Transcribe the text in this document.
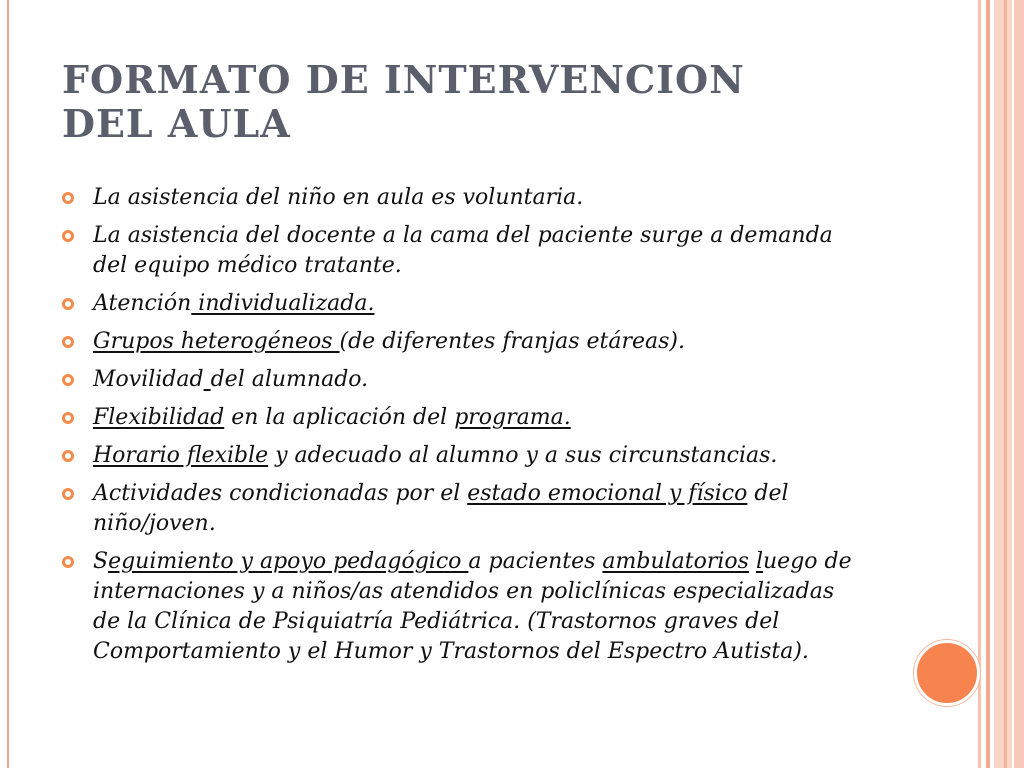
FORMATO DE INTERVENCION
DEL AULA
La asistencia del niño en aula es voluntaria.
La asistencia del docente a la cama del paciente surge a demanda del equipo médico tratante.
Atención individualizada.
Grupos heterogéneos (de diferentes franjas etáreas).
Movilidad del alumnado.
Flexibilidad en la aplicación del programa.
Horario flexible y adecuado al alumno y a sus circunstancias.
Actividades condicionadas por el estado emocional y físico del niño/joven.
Seguimiento y apoyo pedagógico a pacientes ambulatorios luego de internaciones y a niños/as atendidos en policlínicas especializadas de la Clínica de Psiquiatría Pediátrica. (Trastornos graves del Comportamiento y el Humor y Trastornos del Espectro Autista).
